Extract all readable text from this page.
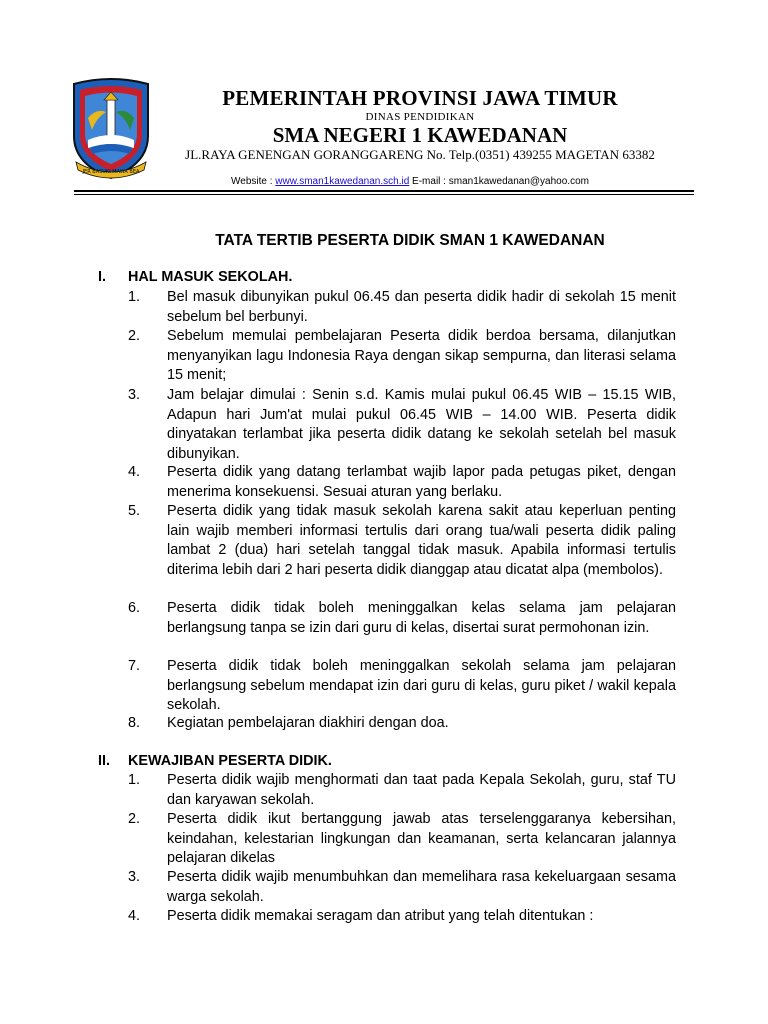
JER BASUKI MAWA BEA
PEMERINTAH PROVINSI JAWA TIMUR
DINAS PENDIDIKAN
SMA NEGERI 1 KAWEDANAN
JL.RAYA GENENGAN GORANGGARENG No. Telp.(0351) 439255 MAGETAN 63382
Website : www.sman1kawedanan.sch.id E-mail : sman1kawedanan@yahoo.com
TATA TERTIB PESERTA DIDIK SMAN 1 KAWEDANAN
I. HAL MASUK SEKOLAH.
1.	Bel masuk dibunyikan pukul 06.45 dan peserta didik hadir di sekolah 15 menit sebelum bel berbunyi.
2.	Sebelum memulai pembelajaran Peserta didik berdoa bersama, dilanjutkan menyanyikan lagu Indonesia Raya dengan sikap sempurna, dan literasi selama 15 menit;
3.	Jam belajar dimulai : Senin s.d. Kamis mulai pukul 06.45 WIB – 15.15 WIB, Adapun hari Jum'at mulai pukul 06.45 WIB – 14.00 WIB. Peserta didik dinyatakan terlambat jika peserta didik datang ke sekolah setelah bel masuk dibunyikan.
4.	Peserta didik yang datang terlambat wajib lapor pada petugas piket, dengan menerima konsekuensi. Sesuai aturan yang berlaku.
5.	Peserta didik yang tidak masuk sekolah karena sakit atau keperluan penting lain wajib memberi informasi tertulis dari orang tua/wali peserta didik paling lambat 2 (dua) hari setelah tanggal tidak masuk. Apabila informasi tertulis diterima lebih dari 2 hari peserta didik dianggap atau dicatat alpa (membolos).
6.	Peserta didik tidak boleh meninggalkan kelas selama jam pelajaran berlangsung tanpa se izin dari guru di kelas, disertai surat permohonan izin.
7.	Peserta didik tidak boleh meninggalkan sekolah selama jam pelajaran berlangsung sebelum mendapat izin dari guru di kelas, guru piket / wakil kepala sekolah.
8.	Kegiatan pembelajaran diakhiri dengan doa.
II. KEWAJIBAN PESERTA DIDIK.
1.	Peserta didik wajib menghormati dan taat pada Kepala Sekolah, guru, staf TU dan karyawan sekolah.
2.	Peserta didik ikut bertanggung jawab atas terselenggaranya kebersihan, keindahan, kelestarian lingkungan dan keamanan, serta kelancaran jalannya pelajaran dikelas
3.	Peserta didik wajib menumbuhkan dan memelihara rasa kekeluargaan sesama warga sekolah.
4.	Peserta didik memakai seragam dan atribut yang telah ditentukan :
